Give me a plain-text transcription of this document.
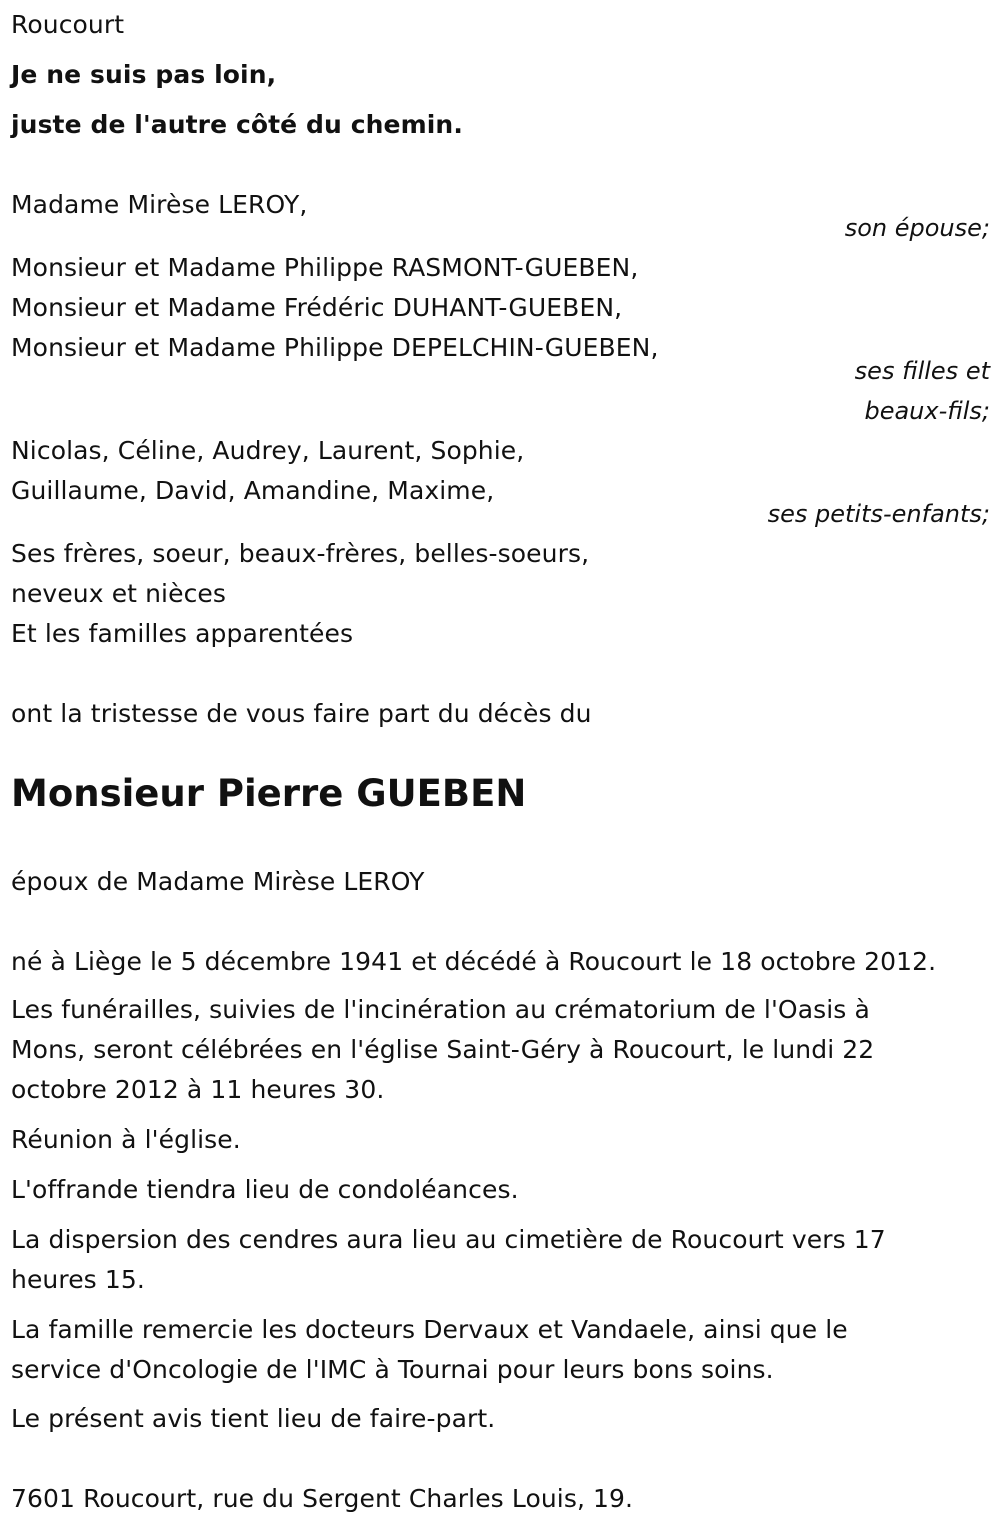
Roucourt
Je ne suis pas loin,
juste de l'autre côté du chemin.
Madame Mirèse LEROY,
son épouse;
Monsieur et Madame Philippe RASMONT-GUEBEN,
Monsieur et Madame Frédéric DUHANT-GUEBEN,
Monsieur et Madame Philippe DEPELCHIN-GUEBEN,
ses filles et
beaux-fils;
Nicolas, Céline, Audrey, Laurent, Sophie,
Guillaume, David, Amandine, Maxime,
ses petits-enfants;
Ses frères, soeur, beaux-frères, belles-soeurs,
neveux et nièces
Et les familles apparentées
ont la tristesse de vous faire part du décès du
Monsieur Pierre GUEBEN
époux de Madame Mirèse LEROY
né à Liège le 5 décembre 1941 et décédé à Roucourt le 18 octobre 2012.
Les funérailles, suivies de l'incinération au crématorium de l'Oasis à
Mons, seront célébrées en l'église Saint-Géry à Roucourt, le lundi 22
octobre 2012 à 11 heures 30.
Réunion à l'église.
L'offrande tiendra lieu de condoléances.
La dispersion des cendres aura lieu au cimetière de Roucourt vers 17
heures 15.
La famille remercie les docteurs Dervaux et Vandaele, ainsi que le
service d'Oncologie de l'IMC à Tournai pour leurs bons soins.
Le présent avis tient lieu de faire-part.
7601 Roucourt, rue du Sergent Charles Louis, 19.
